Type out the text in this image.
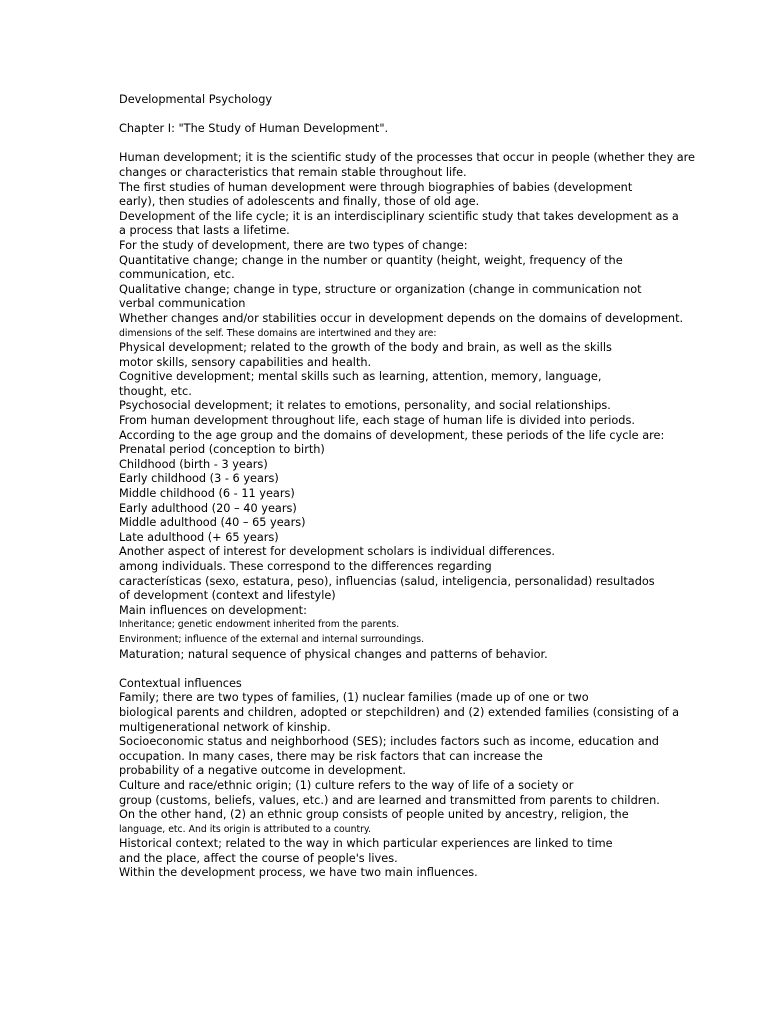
Developmental Psychology

Chapter I: "The Study of Human Development".

Human development; it is the scientific study of the processes that occur in people (whether they are

changes or characteristics that remain stable throughout life.

The first studies of human development were through biographies of babies (development

early), then studies of adolescents and finally, those of old age.

Development of the life cycle; it is an interdisciplinary scientific study that takes development as a

a process that lasts a lifetime.

For the study of development, there are two types of change:

Quantitative change; change in the number or quantity (height, weight, frequency of the

communication, etc.

Qualitative change; change in type, structure or organization (change in communication not

verbal communication

Whether changes and/or stabilities occur in development depends on the domains of development.

dimensions of the self. These domains are intertwined and they are:

Physical development; related to the growth of the body and brain, as well as the skills

motor skills, sensory capabilities and health.

Cognitive development; mental skills such as learning, attention, memory, language,

thought, etc.

Psychosocial development; it relates to emotions, personality, and social relationships.

From human development throughout life, each stage of human life is divided into periods.

According to the age group and the domains of development, these periods of the life cycle are:

Prenatal period (conception to birth)

Childhood (birth - 3 years)

Early childhood (3 - 6 years)

Middle childhood (6 - 11 years)

Early adulthood (20 – 40 years)

Middle adulthood (40 – 65 years)

Late adulthood (+ 65 years)

Another aspect of interest for development scholars is individual differences.

among individuals. These correspond to the differences regarding

características (sexo, estatura, peso), influencias (salud, inteligencia, personalidad) resultados

of development (context and lifestyle)

Main influences on development:

Inheritance; genetic endowment inherited from the parents.

Environment; influence of the external and internal surroundings.

Maturation; natural sequence of physical changes and patterns of behavior.

Contextual influences

Family; there are two types of families, (1) nuclear families (made up of one or two

biological parents and children, adopted or stepchildren) and (2) extended families (consisting of a

multigenerational network of kinship.

Socioeconomic status and neighborhood (SES); includes factors such as income, education and

occupation. In many cases, there may be risk factors that can increase the

probability of a negative outcome in development.

Culture and race/ethnic origin; (1) culture refers to the way of life of a society or

group (customs, beliefs, values, etc.) and are learned and transmitted from parents to children.

On the other hand, (2) an ethnic group consists of people united by ancestry, religion, the

language, etc. And its origin is attributed to a country.

Historical context; related to the way in which particular experiences are linked to time

and the place, affect the course of people's lives.

Within the development process, we have two main influences.
